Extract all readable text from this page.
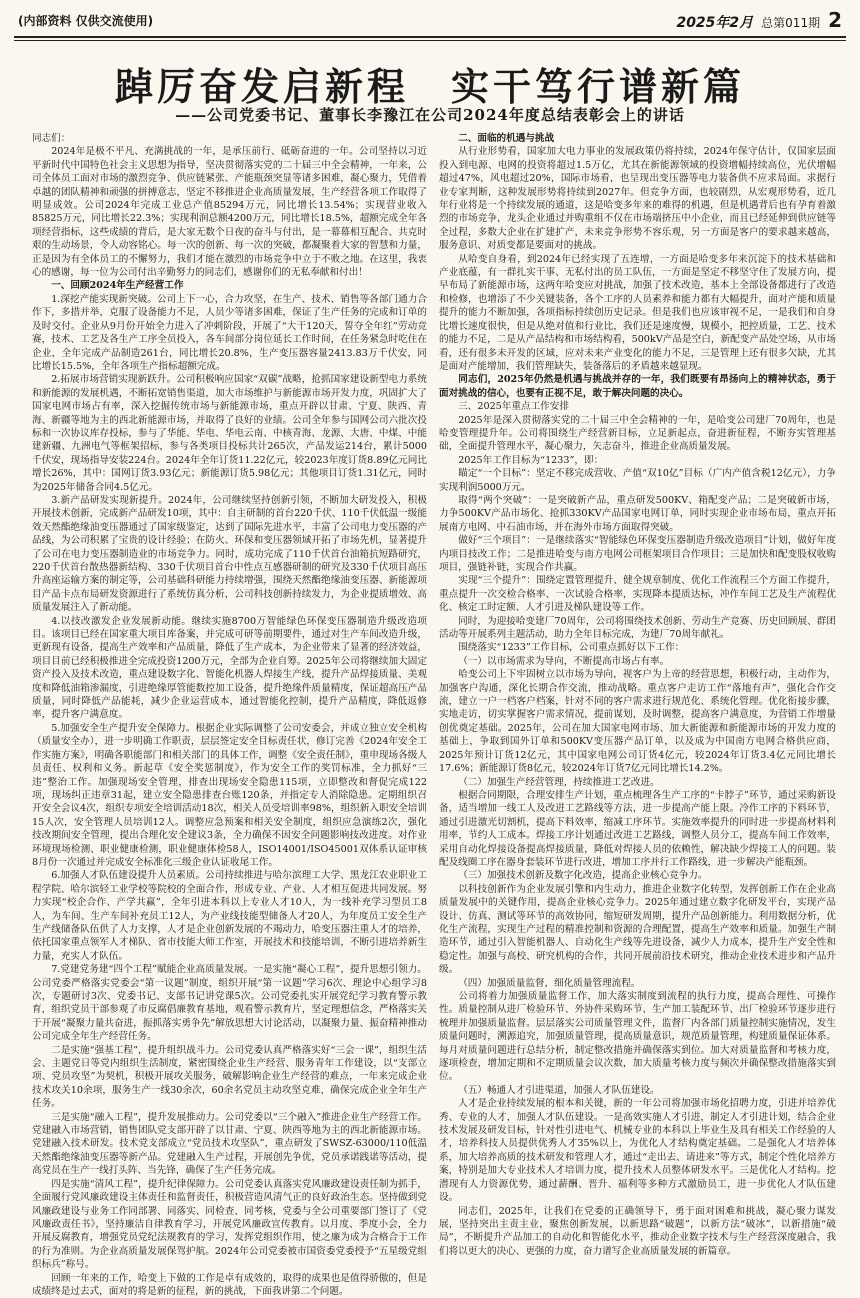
(内部资料 仅供交流使用)	2025年2月 总第011期 2
踔厉奋发启新程　实干笃行谱新篇
——公司党委书记、董事长李豫江在公司2024年度总结表彰会上的讲话

同志们：

2024年是极不平凡、充满挑战的一年，是承压前行、砥砺奋进的一年。公司坚持以习近平新时代中国特色社会主义思想为指导，坚决贯彻落实党的二十届三中全会精神，一年来，公司全体员工面对市场的激烈竞争、供应链紧张、产能瓶颈突显等诸多困难，凝心聚力，凭借着卓越的团队精神和顽强的拼搏意志，坚定不移推进企业高质量发展，生产经营各项工作取得了明显成效。公司2024年完成工业总产值85294万元，同比增长13.54%；实现营业收入85825万元，同比增长22.3%；实现利润总额4200万元，同比增长18.5%，超额完成全年各项经营指标，这些成绩的背后，是大家无数个日夜的奋斗与付出，是一幕幕相互配合、共克时艰的生动场景，令人动容铭心。每一次的创新、每一次的突破，都凝聚着大家的智慧和力量，正是因为有全体员工的不懈努力，我们才能在激烈的市场竞争中立于不败之地。在这里，我衷心的感谢，每一位为公司付出辛勤努力的同志们，感谢你们的无私奉献和付出！

一、回顾2024年生产经营工作

1.深挖产能实现新突破。公司上下一心，合力攻坚，在生产、技术、销售等各部门通力合作下，多措并举，克服了设备能力不足，人员少等诸多困难，保证了生产任务的完成和订单的及时交付。企业从9月份开始全力进入了冲刺阶段，开展了“大干120天，誓夺全年红”劳动竞赛，技术、工艺及各生产工序全员投入，各车间部分岗位延长工作时间，在任务紧急时吃住在企业，全年完成产品制造261台，同比增长20.8%，生产变压器容量2413.83万千伏安，同比增长15.5%，全年各项生产指标超额完成。

2.拓展市场营销实现新跃升。公司积极响应国家“双碳”战略，抢抓国家建设新型电力系统和新能源的发展机遇，不断拓宽销售渠道，加大市场维护与新能源市场开发力度，巩固扩大了国家电网市场占有率，深入挖掘传统市场与新能源市场，重点开辟以甘肃、宁夏、陕西、青海、新疆等地为主的西北新能源市场，并取得了良好的业绩。公司全年参与国网公司六批次投标和一次协议库存投标，参与了华能、华电、华电云南、中核青海、龙源、大唐、中煤、中能建新疆、九洲电气等框架招标，参与各类项目投标共计265次，产品发运214台，累计5000千伏安，现场指导安装224台。2024年全年订货11.22亿元，较2023年度订货8.89亿元同比增长26%，其中：国网订货3.93亿元；新能源订货5.98亿元；其他项目订货1.31亿元，同时为2025年储备合同4.5亿元。

3.新产品研发实现新提升。2024年，公司继续坚持创新引领，不断加大研发投入，积极开展技术创新，完成新产品研发10项，其中：自主研制的首台220千伏、110千伏低温一级能效天然酯绝缘油变压器通过了国家级鉴定，达到了国际先进水平，丰富了公司电力变压器的产品线，为公司积累了宝贵的设计经验；在防火、环保和变压器领域开拓了市场先机，显著提升了公司在电力变压器制造业的市场竞争力。同时，成功完成了110千伏首台油箱抗短路研究，220千伏首台散热器新结构、330千伏项目首台中性点互感器研制的研究及330千伏项目高压升高座运输方案的制定等，公司基础科研能力持续增强，围绕天然酯绝缘油变压器、新能源项目产品卡点布局研发资源进行了系统仿真分析，公司科技创新持续发力，为企业提质增效、高质量发展注入了新动能。

4.以技改激发企业发展新动能。继续实施8700万智能绿色环保变压器制造升级改造项目。该项目已经在国家重大项目库备案，并完成可研等前期要件，通过对生产车间改造升级，更新现有设备，提高生产效率和产品质量，降低了生产成本，为企业带来了显著的经济效益，项目目前已经积极推进全完成投资1200万元，全部为企业自筹。2025年公司将继续加大固定资产投入及技术改造，重点建设数字化、智能化机器人焊接生产线，提升产品焊接质量、美观度和降低油箱渗漏度，引进绝缘厚管能数控加工设备，提升绝缘件质量精度，保证超高压产品质量，同时降低产品能耗，减少企业运营成本，通过智能化控制，提升产品精度，降低返修率，提升客户满意度。

5.加强安全生产提升安全保障力。根据企业实际调整了公司安委会，并成立独立安全机构（质量安全办），进一步明确工作职责，层层签定安全目标责任状，修订完善《2024年安全工作实施方案》，明确各职能部门和相关部门的具体工作，调整《安全责任制》，重申现场各级人员责任、权利和义务。新起草《安全奖惩制度》，作为安全工作的奖罚标准，全力抓好“三违”整治工作。加强现场安全管理，排查出现场安全隐患115项，立即整改和督促完成122项，现场纠正违章31起，建立安全隐患排查台账120条，并指定专人消除隐患。定期组织召开安全会议4次，组织专项安全培训活动18次，相关人员受培训率98%，组织新入职安全培训15人次，安全管理人员培训12人。调整应急预案和相关安全制度，组织应急演练2次，强化技改期间安全管理，提出合理化安全建议3条，全力确保不因安全问题影响技改进度。对作业环境现场检测、职业健康检测，职业健康体检58人，ISO14001/ISO45001双体系认证审核8月份一次通过并完成安全标准化三级企业认证收尾工作。

6.加强人才队伍建设提升人员素质。公司持续推进与哈尔滨理工大学、黑龙江农业职业工程学院、哈尔滨轻工业学校等院校的全面合作，形成专业、产业、人才相互促进共同发展。努力实现“校企合作、产学共赢”，全年引进本科以上专业人才10人，为一线补充学习型员工8人，为车间、生产车间补充员工12人，为产业线技能型储备人才20人，为年度员工安全生产生产线储备队伍供了人力支撑，人才是企业创新发展的不竭动力，哈变压器注重人才的培养，依托国家重点领军人才梯队、省市技能大师工作室，开展技术和技能培训，不断引进培养新生力量，充实人才队伍。

7.党建党务建“四个工程”赋能企业高质量发展。一是实施“凝心工程”，提升思想引领力。公司党委严格落实党委会“第一议题”制度，组织开展“第一议题”学习6次、理论中心组学习8次，专题研讨3次、党委书记、支部书记讲党课5次。公司党委扎实开展党纪学习教育警示教育，组织党员干部参观了市反腐倡廉教育基地，观看警示教育片，坚定理想信念，严格落实关于开展“凝聚力量共奋进，振抓落实勇争先”解放思想大讨论活动，以凝聚力量、振奋精神推动公司完成全年生产经营任务。

二是实施“强基工程”，提升组织战斗力。公司党委认真严格落实好“三会一课”，组织生活会、主题党日等党内组织生活制度，紧密围绕企业生产经营、服务青年工作建设，以“支部立项、党员攻坚”为契机，积极开展攻关服务，破解影响企业生产经营的难点，一年来完成企业技术攻关10余项，服务生产一线30余次，60余名党员主动攻坚克难，确保完成企业全年生产任务。

三是实施“融入工程”，提升发展推动力。公司党委以“三个融入”推进企业生产经营工作。党建融入市场营销，销售团队党支部开辟了以甘肃、宁夏、陕西等地为主的西北新能源市场。党建融入技术研发。技术党支部成立“党员技术攻坚队”，重点研发了SWSZ-63000/110低温天然酯绝缘油变压器等新产品。党建融入生产过程，开展创先争优，党员承诺践诺等活动，提高党员在生产一线打头阵、当先锋，确保了生产任务完成。

四是实施“清风工程”，提升纪律保障力。公司党委认真落实党风廉政建设责任制为抓手，全面履行党风廉政建设主体责任和监督责任，积极营造风清气正的良好政治生态。坚持做到党风廉政建设与业务工作同部署、同落实、同检查、同考核，党委与全公司重要部门签订了《党风廉政责任书》，坚持廉洁自律教育学习，开展党风廉政宣传教育。以月度、季度小会，全力开展反腐教育，增强党员党纪法规教育的学习，发挥党组织作用，使之廉为成为合格合于工作的行为准则。为企业高质量发展保驾护航。2024年公司党委被市国资委党委授予“五星级党组织标兵”称号。

回顾一年来的工作，哈变上下做的工作是卓有成效的，取得的成果也是值得骄傲的，但是成绩终是过去式，面对的将是新的征程，新的挑战，下面我讲第二个问题。

二、面临的机遇与挑战

从行业形势看，国家加大电力事业的发展政策仍将持续，2024年保守估计，仅国家层面投入到电源、电网的投资将超过1.5万亿，尤其在新能源领域的投资增幅持续高位，光伏增幅超过47%，风电超过20%，国际市场看，也呈现出变压器等电力装备供不应求局面。求据行业专家判断，这种发展形势将持续到2027年。但竞争方面，也较剧烈，从宏观形势看，近几年行业将是一个持续发展的通道，这是哈变多年来的难得的机遇，但是机遇背后也有孕育着激烈的市场竞争，龙头企业通过并购重组不仅在市场端挤压中小企业，而且已经延伸到供应链等全过程，多数大企业在扩建扩产，未来竞争形势不容乐观，另一方面是客户的要求越来越高，服务意识、对质变都是要面对的挑战。

从哈变自身看，到2024年已经实现了五连增，一方面是哈变多年来沉淀下的技术基础和产业底蕴，有一群扎实干事、无私付出的员工队伍，一方面是坚定不移坚守住了发展方向，提早布局了新能源市场，这两年哈变应对挑战，加强了技术改造，基本上全部设备都进行了改造和检修，也增添了不少关键装备，各个工序的人员素养和能力都有大幅提升，面对产能和质量提升的能力不断加强，各项指标持续创历史记录。但是我们也应该审视不足，一是我们和自身比增长速度很快，但是从绝对值和行业比，我们还是速度慢，规模小，把控质量，工艺、技术的能力不足，二是从产品结构和市场结构看，500kV产品是空白，新配变产品处空场，从市场看，还有很多未开发的区域，应对未来产业变化的能力不足，三是管理上还有很多欠缺，尤其是面对产能增加，我们管理缺失，装备落后的矛盾越来越显现。

同志们，2025年仍然是机遇与挑战并存的一年，我们既要有昂扬向上的精神状态，勇于面对挑战的信心，也要有正视不足，敢于解决问题的决心。

三、2025年重点工作安排

2025年是深入贯彻落实党的二十届三中全会精神的一年，是哈变公司建厂70周年，也是哈变管理提升年。公司将围绕生产经营新目标，立足新起点，奋进新征程，不断夯实管理基础，全面提升管理水平，凝心聚力，矢志奋斗，推进企业高质量发展。

2025年工作目标为“1233”，即：

瞄定“一个目标”：坚定不移完成营收、产值“双10亿”目标（广内产值含税12亿元），力争实现利润5000万元。

取得“两个突破”：一是突破新产品，重点研发500KV、箱配变产品；二是突破新市场，力争500KV产品市场化、抢抓330KV产品国家电网订单，同时实现企业市场布局，重点开拓展南方电网、中石油市场，并在海外市场方面取得突破。

做好“三个项目”：一是继续落实“智能绿色环保变压器制造升级改造项目”计划，做好年度内项目技改工作；二是推进哈变与南方电网公司框架项目合作项目；三是加快和配变股权收购项目，强链补链，实现合作共赢。

实现“三个提升”：围绕定置管理提升、健全规章制度、优化工作流程三个方面工作提升，重点提升一次交检合格率、一次试验合格率，实现降本提质达标，冲作车间工艺及生产流程优化、核定工时定额、人才引进及梯队建设等工作。

同时，为迎接哈变建厂70周年，公司将围绕技术创新、劳动生产竞赛、历史回顾展、群团活动等开展系列主题活动，助力全年目标完成，为建厂70周年献礼。

围绕落实“1233”工作目标，公司重点抓好以下工作：

（一）以市场需求为导向，不断提高市场占有率。

哈变公司上下牢固树立以市场为导向，视客户为上帝的经营思想，积极行动，主动作为，加强客户沟通，深化长期合作交流，推动战略。重点客户走访工作“落地有声”，强化合作交流，建立一户一档客户档案，针对不同的客户需求进行规范化、系统化管理。优化衔接步骤，实地走访，切实掌握客户需求情况，提前谋划，及时调整，提高客户满意度，为营销工作增量创优奠定基础。2025年，公司在加大国家电网市场、加大新能源和新能源市场的开发力度的基础上，争取到国外订单和500KV变压器产品订单，以及成为中国南方电网合格供应商，2025年预计订货12亿元，其中国家电网公司订货4亿元，较2024年订货3.4亿元同比增长17.6%；新能源订货8亿元，较2024年订货7亿元同比增长14.2%。

（二）加强生产经营管理，持续推进工艺改进。

根据合同期限，合理安排生产计划，重点梳理各生产工序的“卡脖子”环节，通过采购新设备，适当增加一线工人及改进工艺路线等方法，进一步提高产能上限。冷作工序的下料环节，通过引进激光切割机，提高下料效率，缩减工序环节。实施效率提升的同时进一步提高材料利用率，节约人工成本。焊接工序计划通过改进工艺路线，调整人员分工，提高车间工作效率，采用自动化焊接设备提高焊接质量，降低对焊接人员的依赖性，解决缺少焊接工人的问题。装配及线圈工序在器身套装环节进行改进，增加工序并行工作路线，进一步解决产能瓶颈。

（三）加强技术创新及数字化改造，提高企业核心竞争力。

以科技创新作为企业发展引擎和内生动力，推进企业数字化转型，发挥创新工作在企业高质量发展中的关键作用，提高企业核心竞争力。2025年通过建立数字化研发平台，实现产品设计、仿真、测试等环节的高效协同，缩短研发周期，提升产品创新能力。利用数据分析，优化生产流程，实现生产过程的精准控制和资源的合理配置，提高生产效率和质量。加强生产制造环节，通过引入智能机器人、自动化生产线等先进设备，减少人力成本，提升生产安全性和稳定性。加强与高校、研究机构的合作，共同开展前沿技术研究，推动企业技术进步和产品升级。

（四）加强质量监督，细化质量管理流程。

公司将着力加强质量监督工作，加大落实制度到流程的执行力度，提高合理性、可操作性。质量控制从进厂检验环节、外协件采购环节、生产加工装配环节、出厂检验环节逐步进行梳理并加强质量监督。层层落实公司质量管理文件，监督厂内各部门质量控制实施情况，发生质量问题时，溯源追究，加强质量管理，提高质量意识，规范质量管理，构建质量保证体系。每月对质量问题进行总结分析，制定整改措施并确保落实到位。加大对质量监督和考核力度，逐项检查，增加定期和不定期质量会议次数，加大质量考核力度与频次并确保整改措施落实到位。

（五）畅通人才引进渠道，加强人才队伍建设。

人才是企业持续发展的根本和关键，新的一年公司将加强市场化招聘力度，引进并培养优秀、专业的人才，加强人才队伍建设。一是高效实施人才引进，制定人才引进计划，结合企业技术发展及研发目标，针对性引进电气、机械专业的本科以上毕业生及具有相关工作经验的人才，培养科技人员提供优秀人才35%以上，为优化人才结构奠定基础。二是强化人才培养体系，加大培养高质的技术研发和管理人才，通过“走出去、请进来”等方式，制定个性化培养方案，特别是加大专业技术人才培训力度，提升技术人员整体研发水平。三是优化人才结构。挖潜现有人力资源优势，通过薪酬、晋升、福利等多种方式激励员工，进一步优化人才队伍建设。

同志们，2025年，让我们在党委的正确领导下，勇于面对困难和挑战，凝心聚力谋发展，坚持突出主责主业，聚焦创新发展，以新思路“破题”，以新方法“破冰”，以新措施“破局”，不断提升产品加工的自动化和智能化水平，推动企业数字技术与生产经营深度融合，我们将以更大的决心、更强的力度，奋力谱写企业高质量发展的新篇章。
